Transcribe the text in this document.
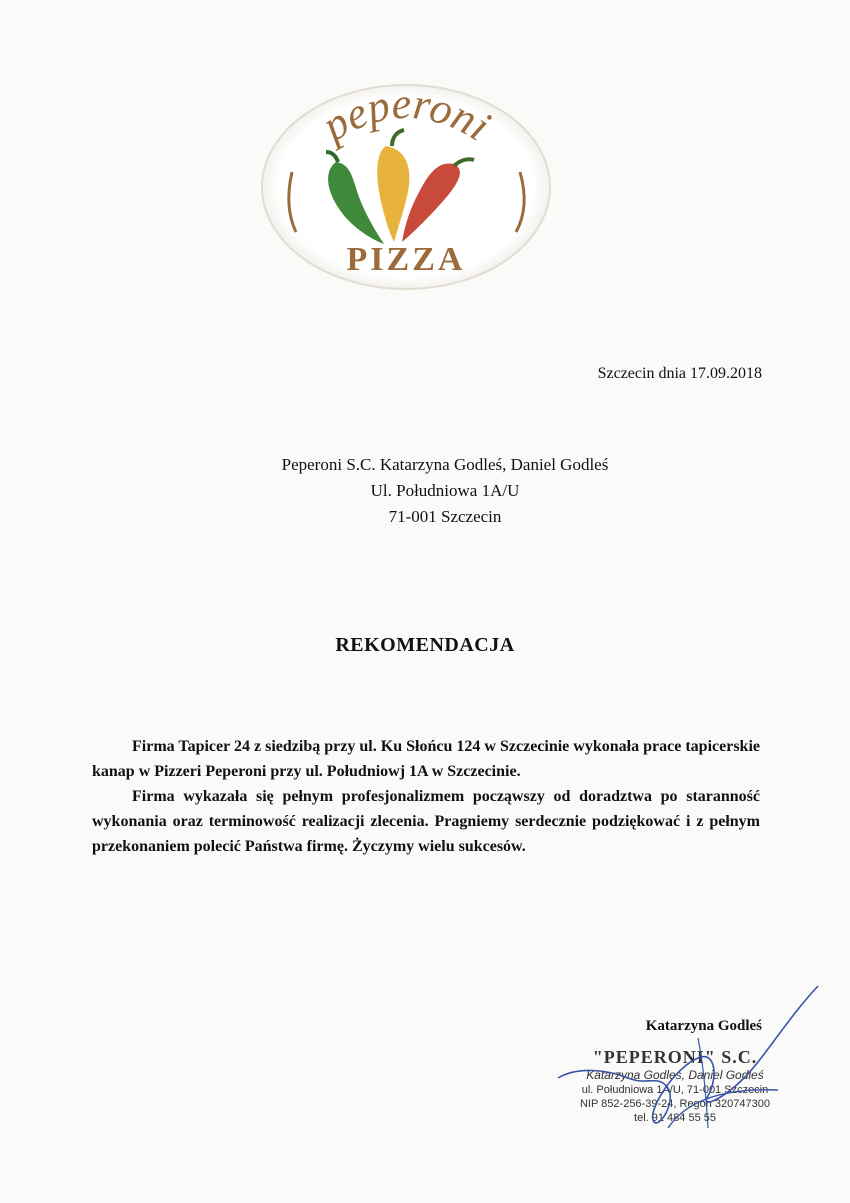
peperoni
PIZZA
Szczecin dnia 17.09.2018
Peperoni S.C. Katarzyna Godleś, Daniel Godleś
Ul. Południowa 1A/U
71-001 Szczecin
REKOMENDACJA

Firma Tapicer 24 z siedzibą przy ul. Ku Słońcu 124 w Szczecinie wykonała prace tapicerskie kanap w Pizzeri Peperoni przy ul. Południowj 1A w Szczecinie.

Firma wykazała się pełnym profesjonalizmem począwszy od doradztwa po staranność wykonania oraz terminowość realizacji zlecenia. Pragniemy serdecznie podziękować i z pełnym przekonaniem polecić Państwa firmę. Życzymy wielu sukcesów.

Katarzyna Godleś
"PEPERONI" S.C.
Katarzyna Godleś, Daniel Godleś
ul. Południowa 1A/U, 71-001 Szczecin
NIP 852-256-39-24, Regon 320747300
tel. 91 484 55 55
